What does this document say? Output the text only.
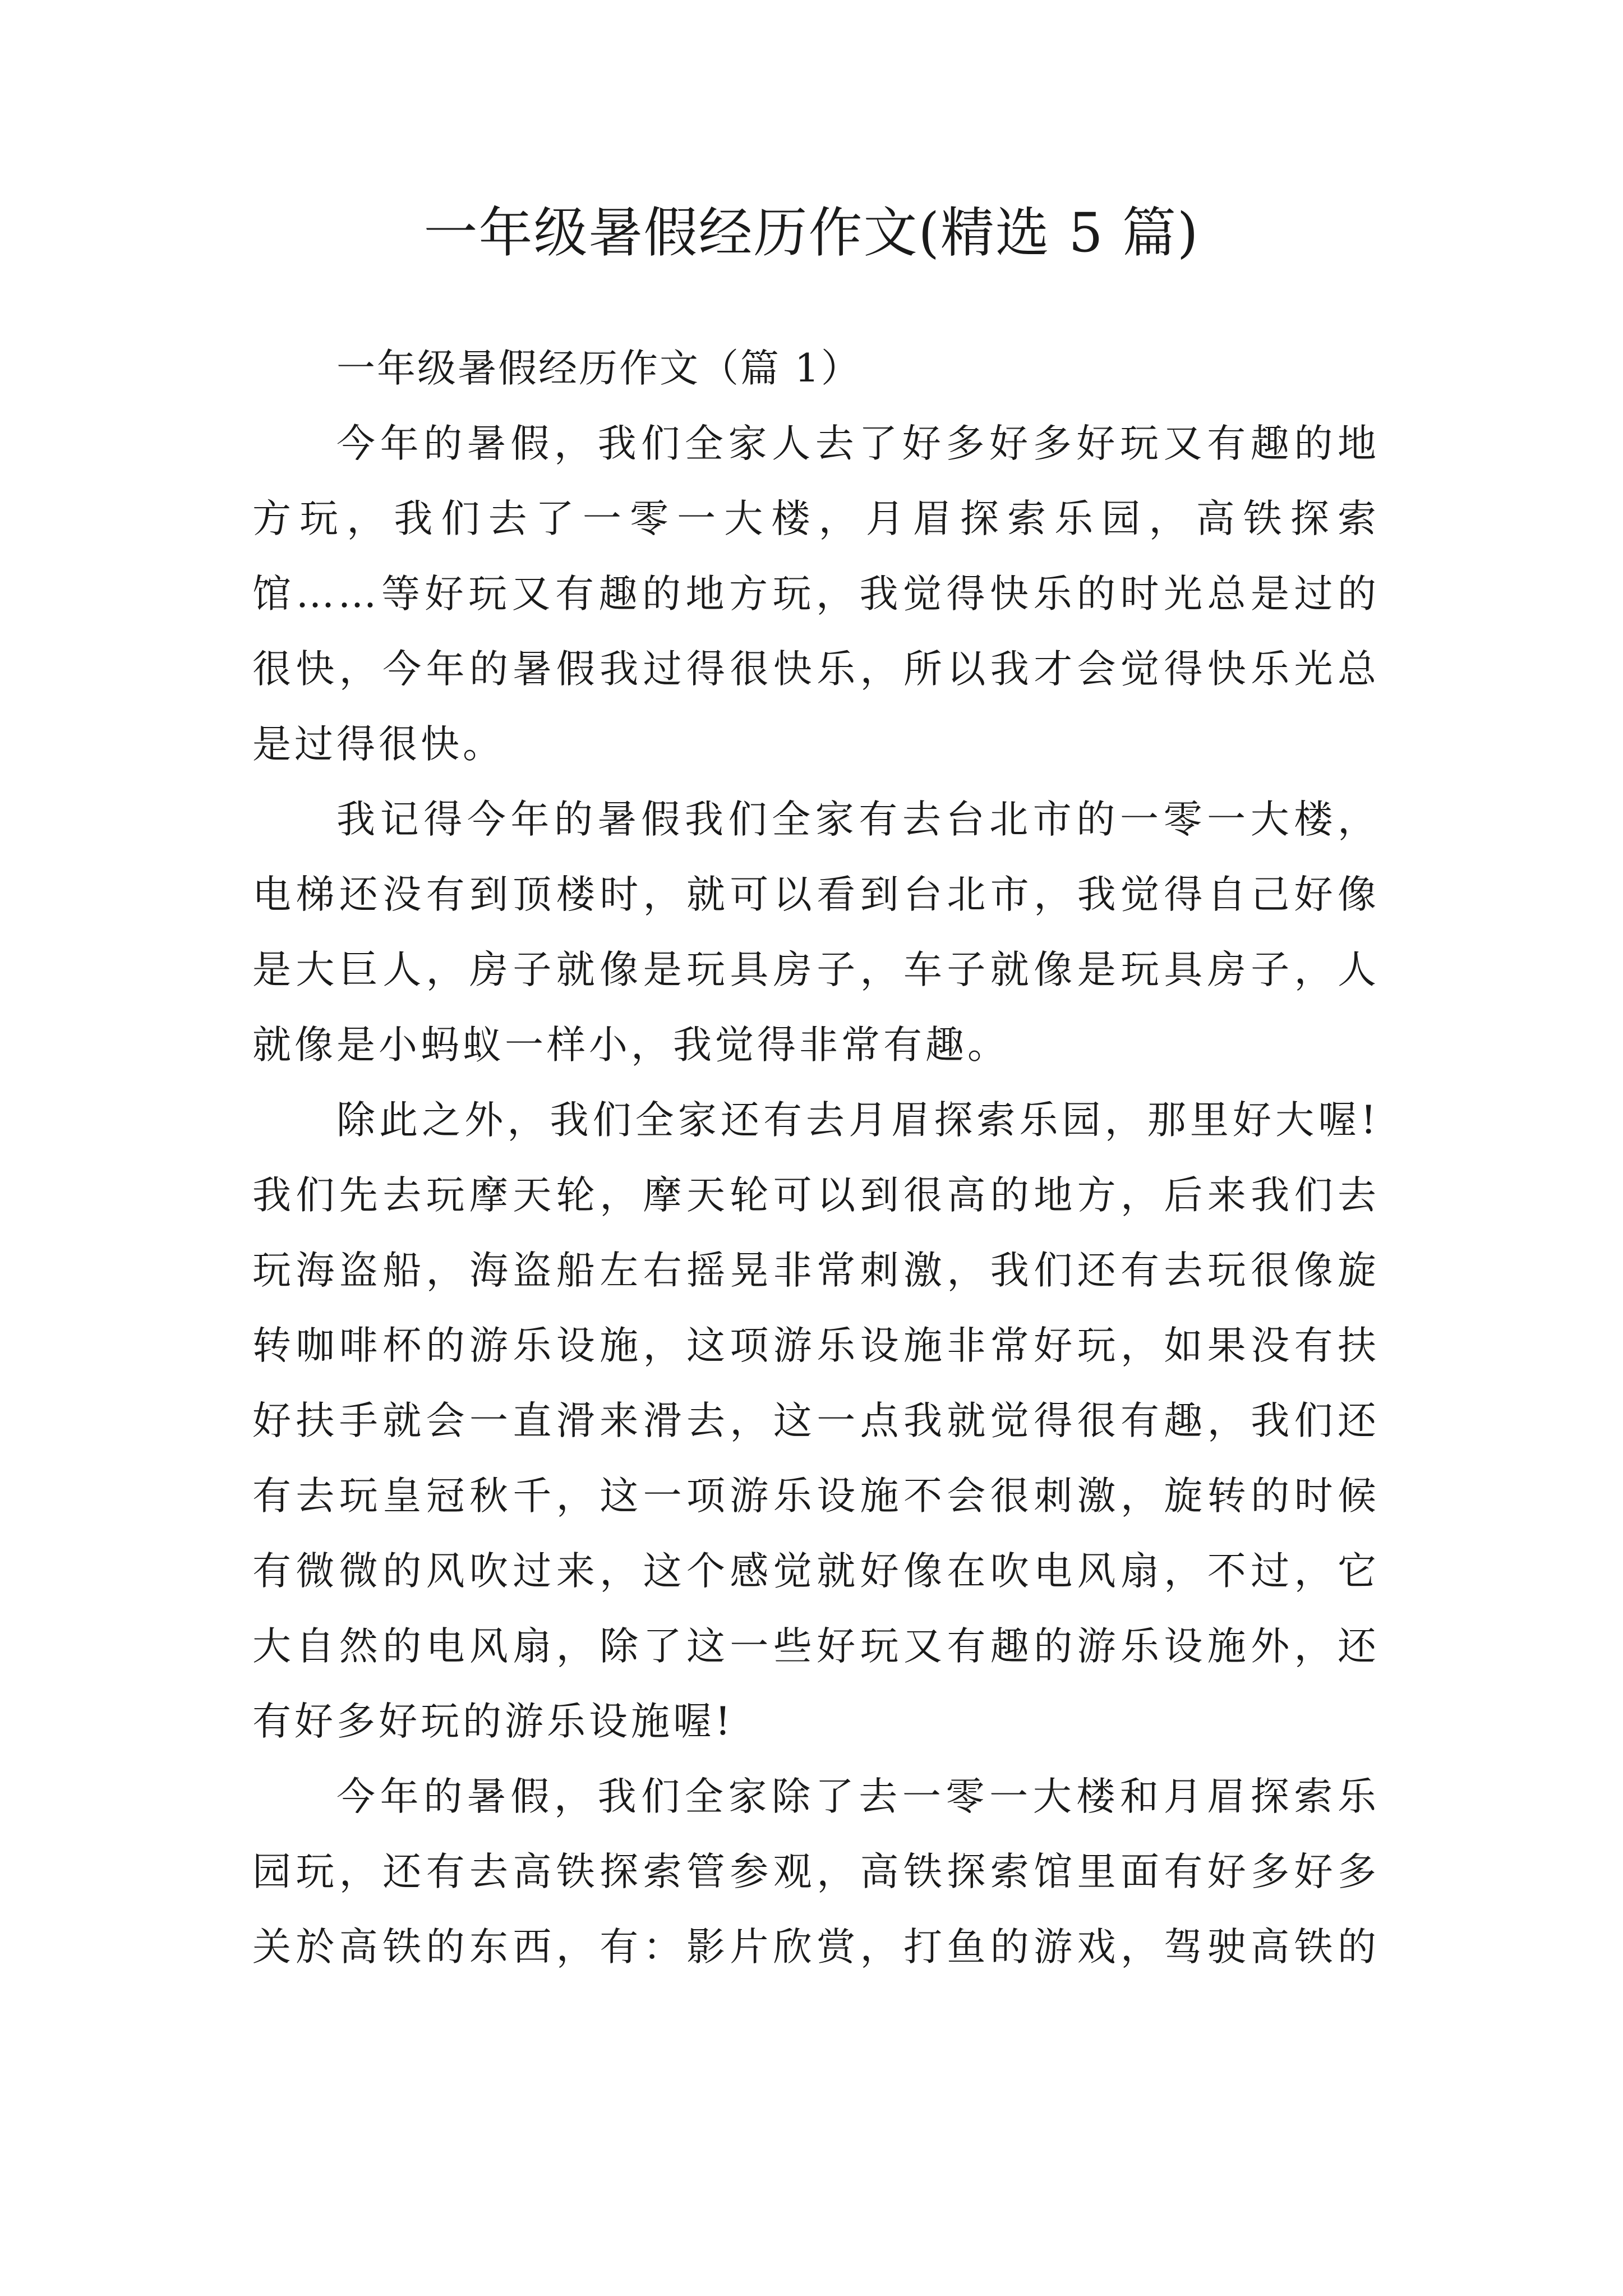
一年级暑假经历作文(精选 5 篇)
一年级暑假经历作文（篇 1）
今年的暑假，我们全家人去了好多好多好玩又有趣的地
方玩，我们去了一零一大楼，月眉探索乐园，高铁探索
馆……等好玩又有趣的地方玩，我觉得快乐的时光总是过的
很快，今年的暑假我过得很快乐，所以我才会觉得快乐光总
是过得很快。
我记得今年的暑假我们全家有去台北市的一零一大楼，
电梯还没有到顶楼时，就可以看到台北市，我觉得自己好像
是大巨人，房子就像是玩具房子，车子就像是玩具房子，人
就像是小蚂蚁一样小，我觉得非常有趣。
除此之外，我们全家还有去月眉探索乐园，那里好大喔!
我们先去玩摩天轮，摩天轮可以到很高的地方，后来我们去
玩海盗船，海盗船左右摇晃非常刺激，我们还有去玩很像旋
转咖啡杯的游乐设施，这项游乐设施非常好玩，如果没有扶
好扶手就会一直滑来滑去，这一点我就觉得很有趣，我们还
有去玩皇冠秋千，这一项游乐设施不会很刺激，旋转的时候
有微微的风吹过来，这个感觉就好像在吹电风扇，不过，它
大自然的电风扇，除了这一些好玩又有趣的游乐设施外，还
有好多好玩的游乐设施喔!
今年的暑假，我们全家除了去一零一大楼和月眉探索乐
园玩，还有去高铁探索管参观，高铁探索馆里面有好多好多
关於高铁的东西，有：影片欣赏，打鱼的游戏，驾驶高铁的
